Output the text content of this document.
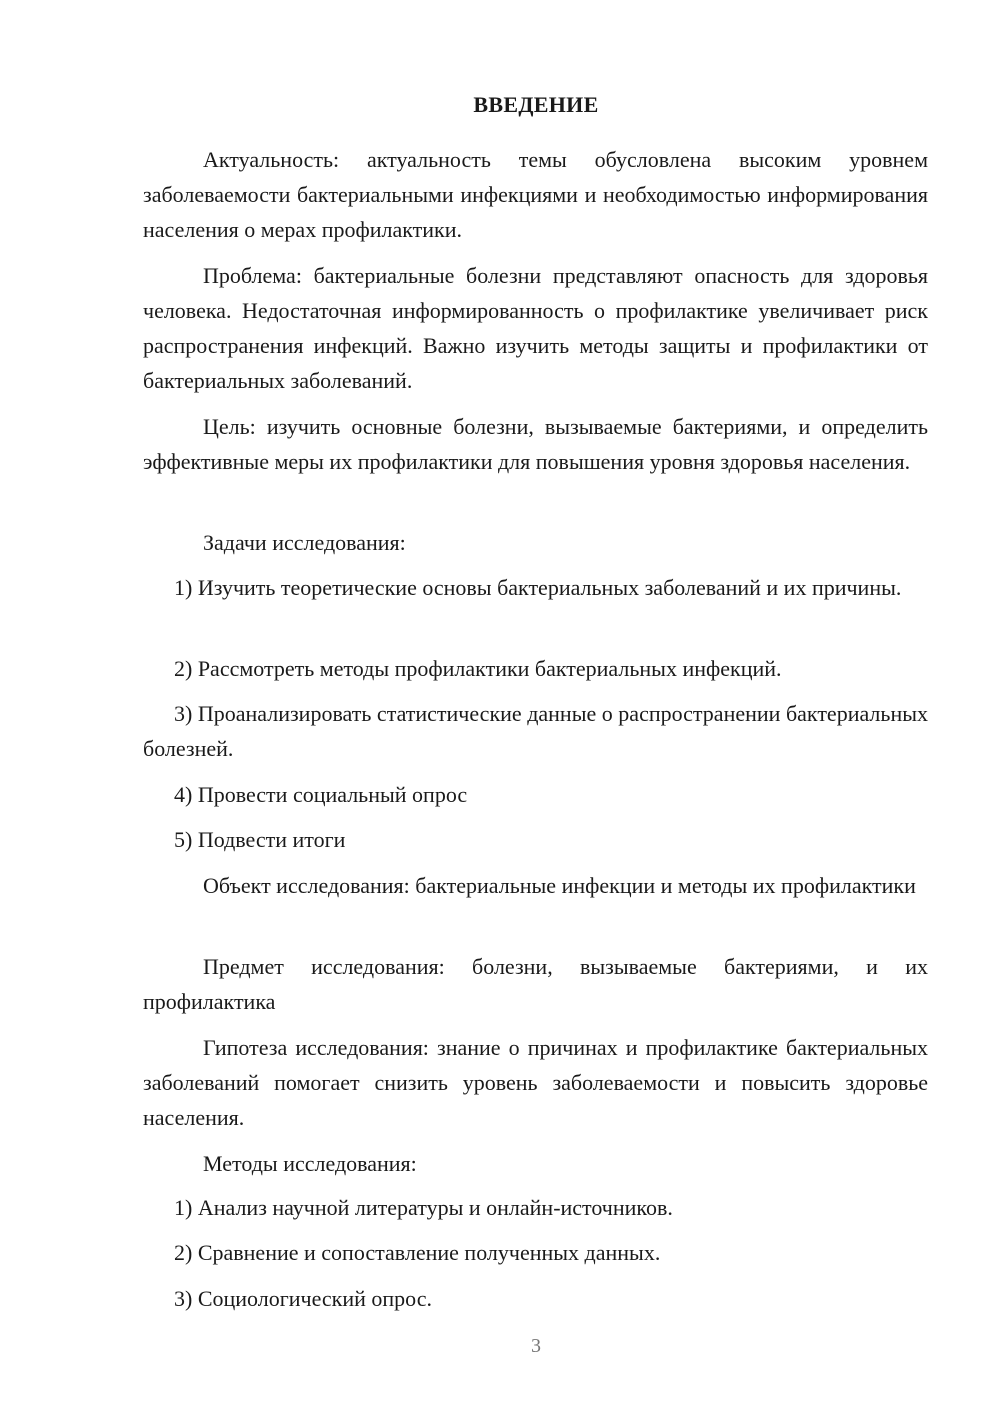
ВВЕДЕНИЕ

Актуальность: актуальность темы обусловлена высоким уровнем заболеваемости бактериальными инфекциями и необходимостью информирования населения о мерах профилактики.

Проблема: бактериальные болезни представляют опасность для здоровья человека. Недостаточная информированность о профилактике увеличивает риск распространения инфекций. Важно изучить методы защиты и профилактики от бактериальных заболеваний.

Цель: изучить основные болезни, вызываемые бактериями, и определить эффективные меры их профилактики для повышения уровня здоровья населения.

Задачи исследования:

1) Изучить теоретические основы бактериальных заболеваний и их причины.

2) Рассмотреть методы профилактики бактериальных инфекций.

3) Проанализировать статистические данные о распространении бактериальных болезней.

4) Провести социальный опрос

5) Подвести итоги

Объект исследования: бактериальные инфекции и методы их профилактики

Предмет исследования: болезни, вызываемые бактериями, и их профилактика

Гипотеза исследования: знание о причинах и профилактике бактериальных заболеваний помогает снизить уровень заболеваемости и повысить здоровье населения.

Методы исследования:

1) Анализ научной литературы и онлайн-источников.

2) Сравнение и сопоставление полученных данных.

3) Социологический опрос.

3
